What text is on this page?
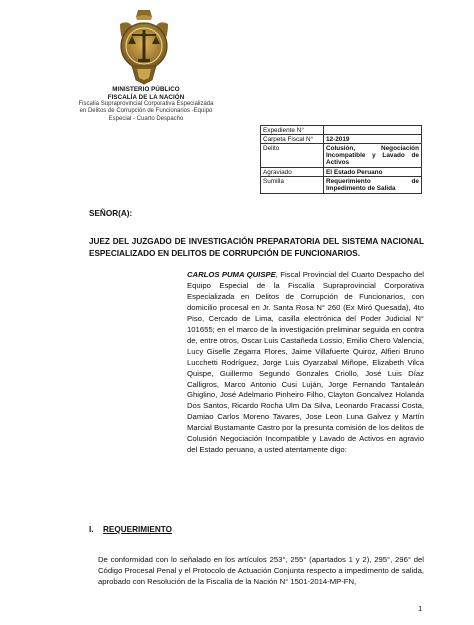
MINISTERIO PÚBLICO
FISCALÍA DE LA NACIÓN
Fiscalía Supraprovincial Corporativa Especializada
en Delitos de Corrupción de Funcionarios -Equipo
Especial - Cuarto Despacho
Expediente N°	
Carpeta Fiscal N°	12-2019
Delito	Colusión, Negociación Incompatible y Lavado de Activos
Agraviado	El Estado Peruano
Sumilla	Requerimiento de Impedimento de Salida
SEÑOR(A):
JUEZ DEL JUZGADO DE INVESTIGACIÓN PREPARATORIA DEL SISTEMA NACIONAL ESPECIALIZADO EN DELITOS DE CORRUPCIÓN DE FUNCIONARIOS.
CARLOS PUMA QUISPE, Fiscal Provincial del Cuarto Despacho del Equipo Especial de la Fiscalía Supraprovincial Corporativa Especializada en Delitos de Corrupción de Funcionarios, con domicilio procesal en Jr. Santa Rosa N° 260 (Ex Miró Quesada), 4to Piso, Cercado de Lima, casilla electrónica del Poder Judicial N° 101655; en el marco de la investigación preliminar seguida en contra de, entre otros, Oscar Luis Castañeda Lossio, Emilio Chero Valencia, Lucy Giselle Zegarra Flores, Jaime Villafuerte Quiroz, Alfieri Bruno Lucchetti Rodríguez, Jorge Luis Oyarzabal Miñope, Elizabeth Vilca Quispe, Guillermo Segundo Gonzales Criollo, José Luis Díaz Calligros, Marco Antonio Cusi Luján, Jorge Fernando Tantaleán Ghiglino, José Adelmario Pinheiro Filho, Clayton Goncalvez Holanda Dos Santos, Ricardo Rocha Ulm Da Silva, Leonardo Fracassi Costa, Damiao Carlos Moreno Tavares, Jose Leon Luna Galvez y Martín Marcial Bustamante Castro por la presunta comisión de los delitos de Colusión Negociación Incompatible y Lavado de Activos en agravio del Estado peruano, a usted atentamente digo:
I. REQUERIMIENTO
De conformidad con lo señalado en los artículos 253°, 255° (apartados 1 y 2), 295°, 296° del Código Procesal Penal y el Protocolo de Actuación Conjunta respecto a impedimento de salida, aprobado con Resolución de la Fiscalía de la Nación N° 1501-2014-MP-FN,
1
